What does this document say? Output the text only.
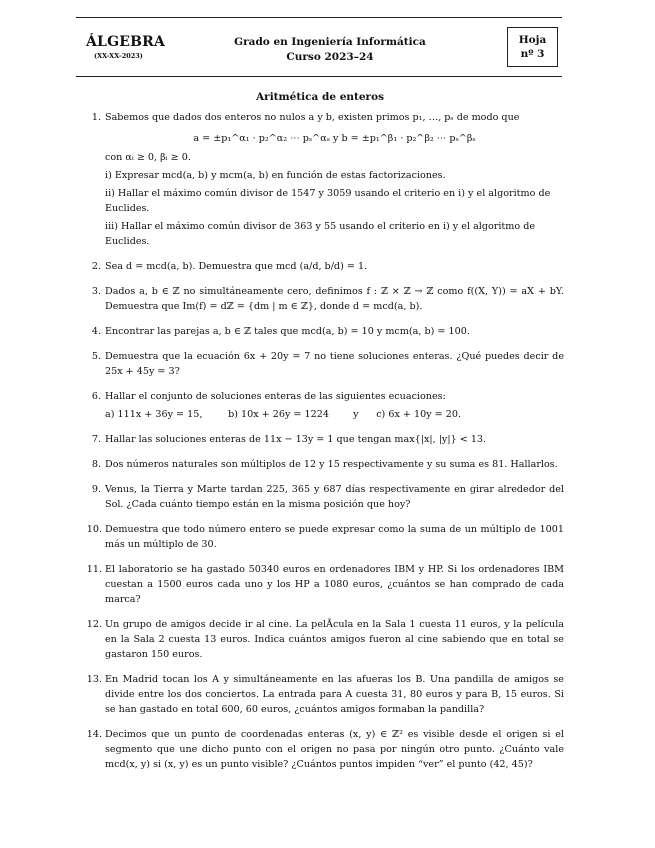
ÁLGEBRA
(XX-XX-2023)
Grado en Ingeniería Informática
Curso 2023–24
Hoja
nº 3
Aritmética de enteros
1. Sabemos que dados dos enteros no nulos a y b, existen primos p₁, …, pₛ de modo que

a = ±p₁^α₁ · p₂^α₂ ⋯ pₛ^αₛ y b = ±p₁^β₁ · p₂^β₂ ⋯ pₛ^βₛ
con αᵢ ≥ 0, βᵢ ≥ 0.
i) Expresar mcd(a, b) y mcm(a, b) en función de estas factorizaciones.
ii) Hallar el máximo común divisor de 1547 y 3059 usando el criterio en i) y el algoritmo de Euclides.
iii) Hallar el máximo común divisor de 363 y 55 usando el criterio en i) y el algoritmo de Euclides.
2. Sea d = mcd(a, b). Demuestra que mcd (a/d, b/d) = 1.

3. Dados a, b ∈ ℤ no simultáneamente cero, definimos f : ℤ × ℤ → ℤ como f((X, Y)) = aX + bY. Demuestra que Im(f) = dℤ = {dm | m ∈ ℤ}, donde d = mcd(a, b).

4. Encontrar las parejas a, b ∈ ℤ tales que mcd(a, b) = 10 y mcm(a, b) = 100.

5. Demuestra que la ecuación 6x + 20y = 7 no tiene soluciones enteras. ¿Qué puedes decir de 25x + 45y = 3?

6. Hallar el conjunto de soluciones enteras de las siguientes ecuaciones:

a) 111x + 36y = 15,	b) 10x + 26y = 1224	y c) 6x + 10y = 20.
7. Hallar las soluciones enteras de 11x − 13y = 1 que tengan max{|x|, |y|} < 13.

8. Dos números naturales son múltiplos de 12 y 15 respectivamente y su suma es 81. Hallarlos.

9. Venus, la Tierra y Marte tardan 225, 365 y 687 días respectivamente en girar alrededor del Sol. ¿Cada cuánto tiempo están en la misma posición que hoy?

10. Demuestra que todo número entero se puede expresar como la suma de un múltiplo de 1001 más un múltiplo de 30.

11. El laboratorio se ha gastado 50340 euros en ordenadores IBM y HP. Si los ordenadores IBM cuestan a 1500 euros cada uno y los HP a 1080 euros, ¿cuántos se han comprado de cada marca?

12. Un grupo de amigos decide ir al cine. La pelÃcula en la Sala 1 cuesta 11 euros, y la película en la Sala 2 cuesta 13 euros. Indica cuántos amigos fueron al cine sabiendo que en total se gastaron 150 euros.

13. En Madrid tocan los A y simultáneamente en las afueras los B. Una pandilla de amigos se divide entre los dos conciertos. La entrada para A cuesta 31, 80 euros y para B, 15 euros. Si se han gastado en total 600, 60 euros, ¿cuántos amigos formaban la pandilla?

14. Decimos que un punto de coordenadas enteras (x, y) ∈ ℤ² es visible desde el origen si el segmento que une dicho punto con el origen no pasa por ningún otro punto. ¿Cuánto vale mcd(x, y) si (x, y) es un punto visible? ¿Cuántos puntos impiden “ver” el punto (42, 45)?
